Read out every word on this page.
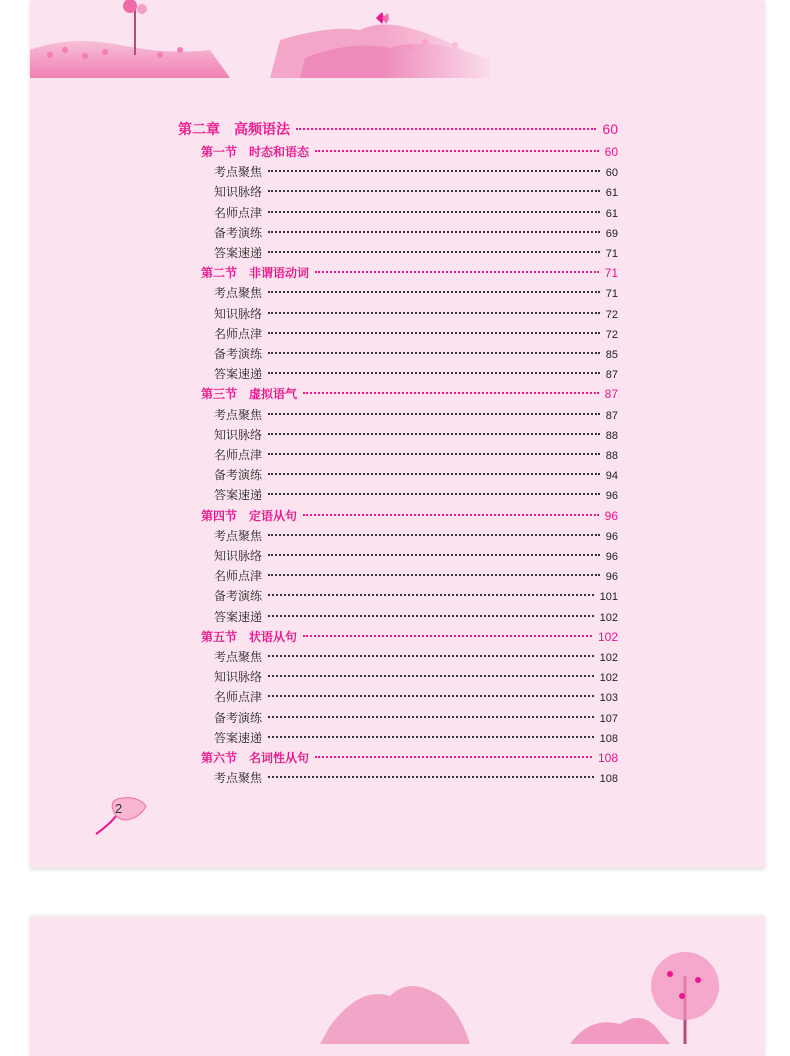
第二章　高频语法	60
第一节　时态和语态	60
考点聚焦	60
知识脉络	61
名师点津	61
备考演练	69
答案速递	71
第二节　非谓语动词	71
考点聚焦	71
知识脉络	72
名师点津	72
备考演练	85
答案速递	87
第三节　虚拟语气	87
考点聚焦	87
知识脉络	88
名师点津	88
备考演练	94
答案速递	96
第四节　定语从句	96
考点聚焦	96
知识脉络	96
名师点津	96
备考演练	101
答案速递	102
第五节　状语从句	102
考点聚焦	102
知识脉络	102
名师点津	103
备考演练	107
答案速递	108
第六节　名词性从句	108
考点聚焦	108
2
